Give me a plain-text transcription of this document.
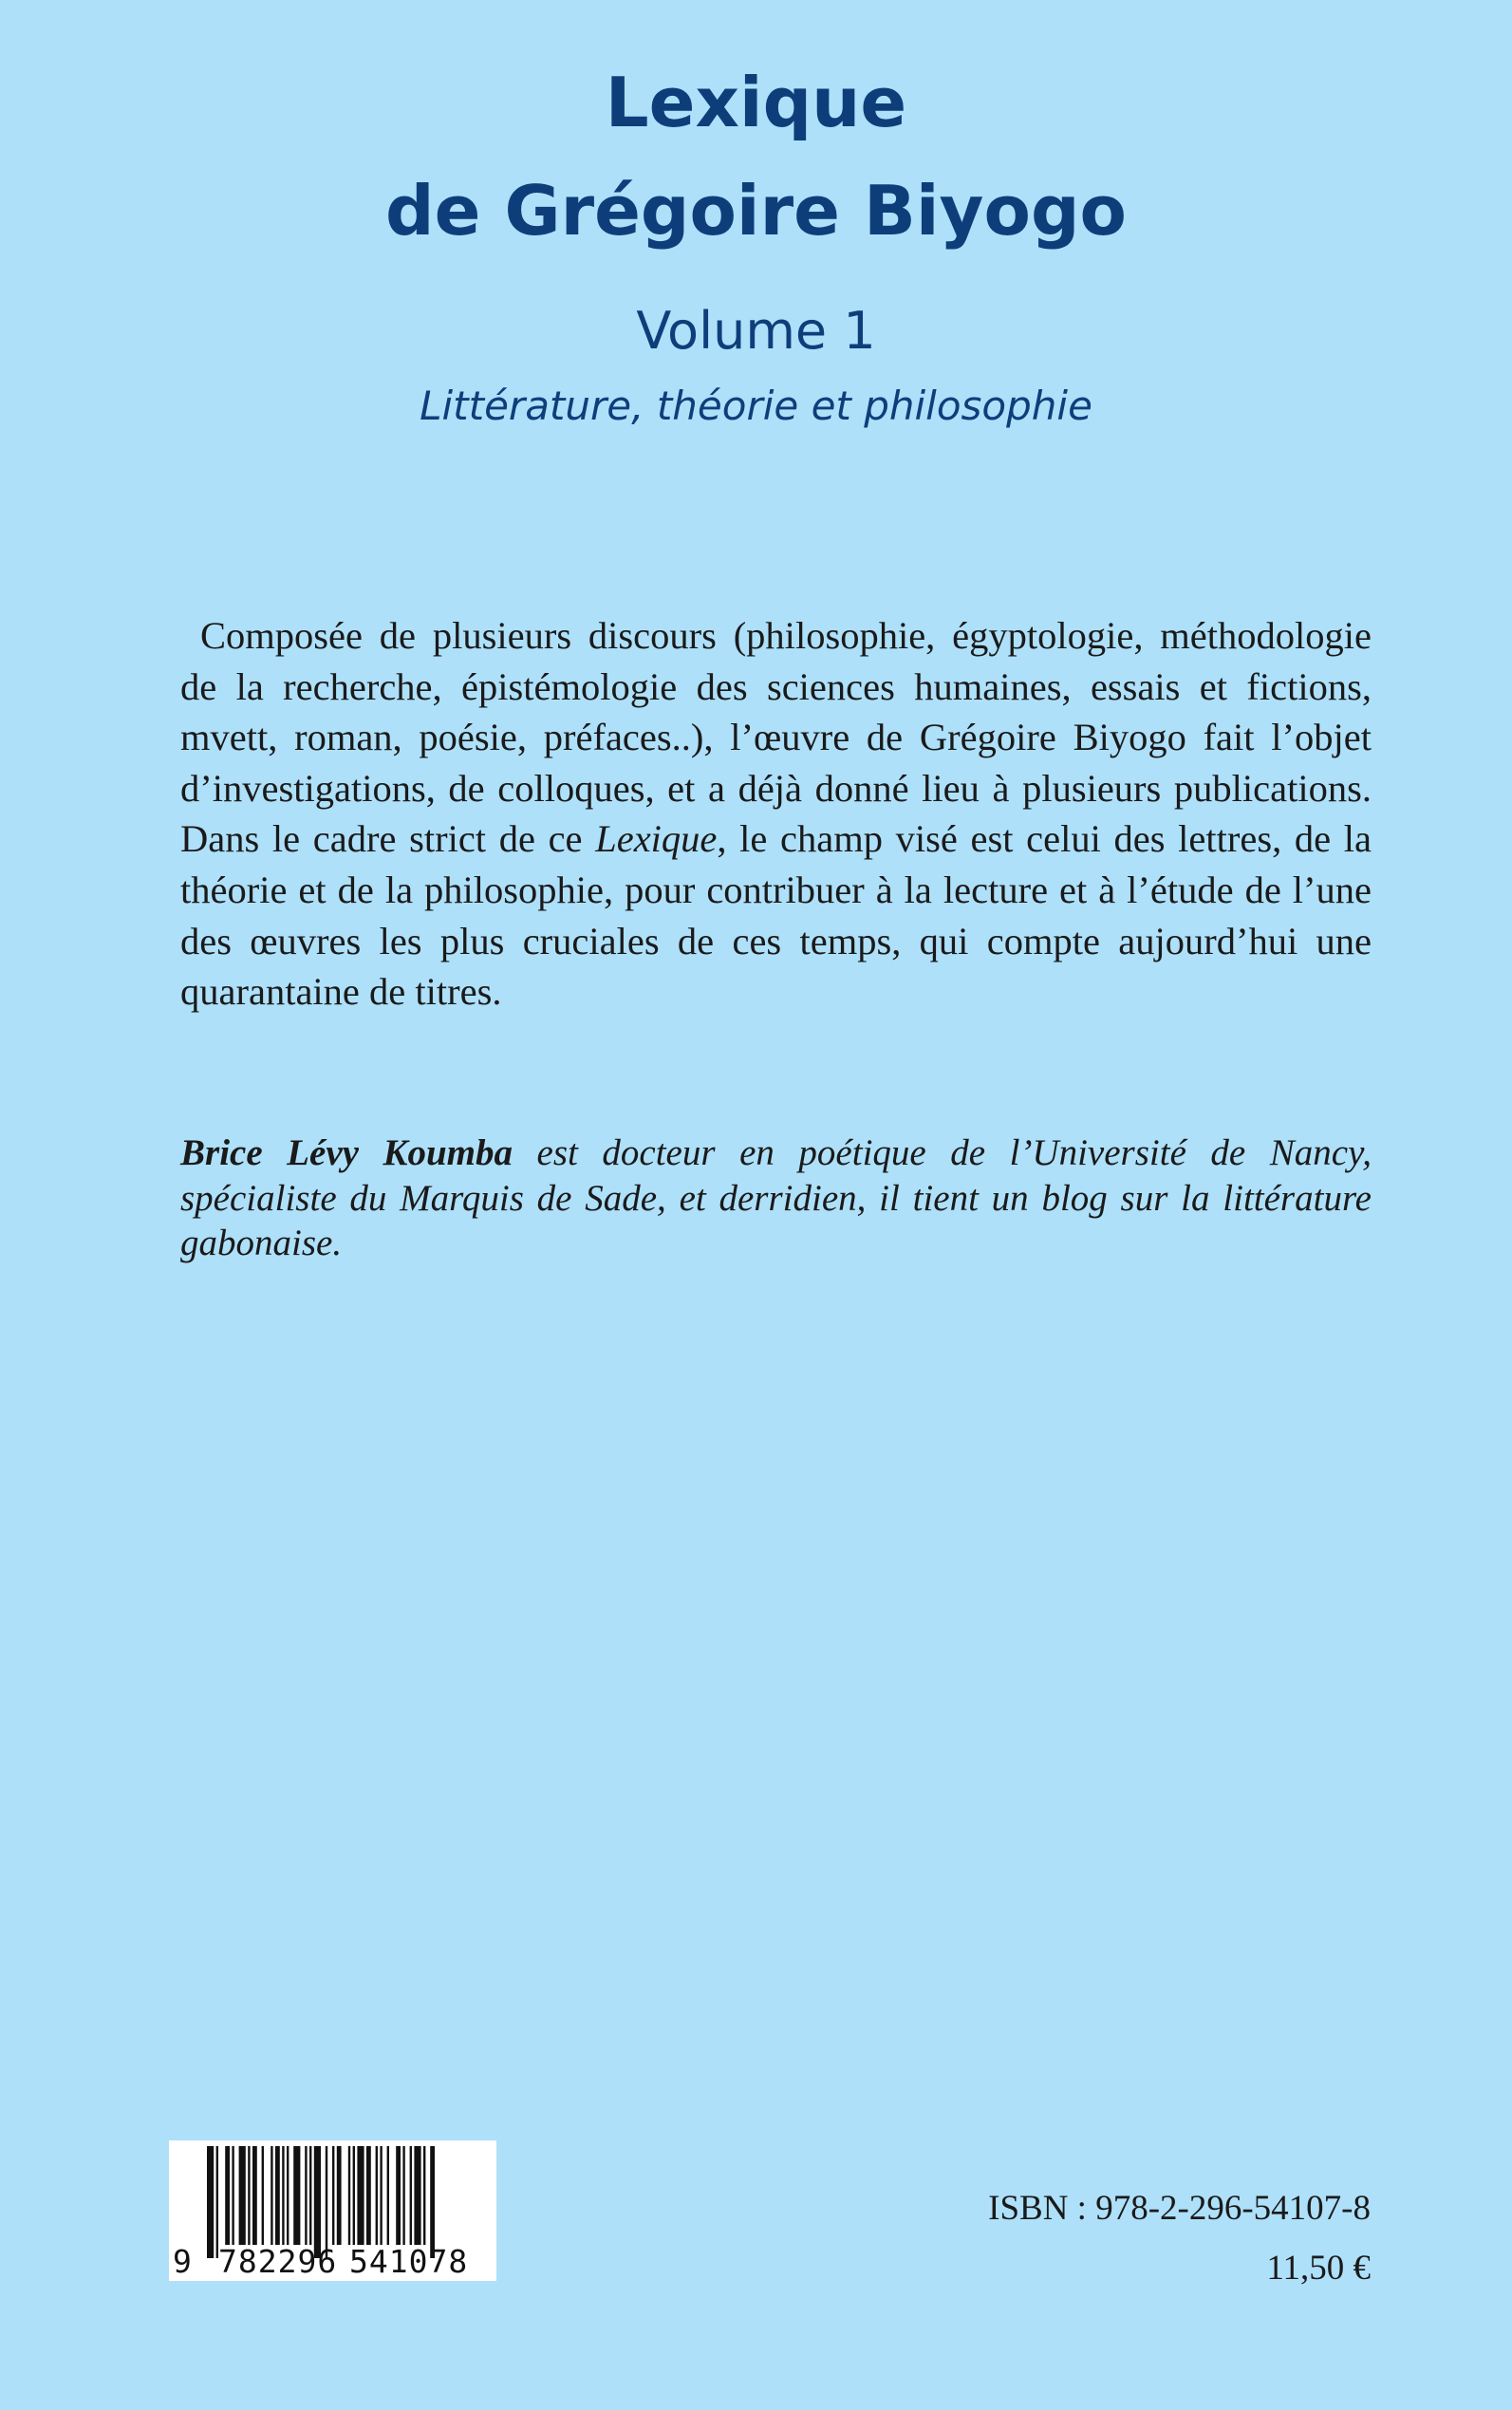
Lexique
de Grégoire Biyogo
Volume 1
Littérature, théorie et philosophie

Composée de plusieurs discours (philosophie, égyptologie, méthodologie de la recherche, épistémologie des sciences humaines, essais et fictions, mvett, roman, poésie, préfaces..), l’œuvre de Grégoire Biyogo fait l’objet d’investigations, de colloques, et a déjà donné lieu à plusieurs publications. Dans le cadre strict de ce Lexique, le champ visé est celui des lettres, de la théorie et de la philosophie, pour contribuer à la lecture et à l’étude de l’une des œuvres les plus cruciales de ces temps, qui compte aujourd’hui une quarantaine de titres.

Brice Lévy Koumba est docteur en poétique de l’Université de Nancy, spécialiste du Marquis de Sade, et derridien, il tient un blog sur la littérature gabonaise.

9 782296 541078
ISBN : 978-2-296-54107-8
11,50 €
